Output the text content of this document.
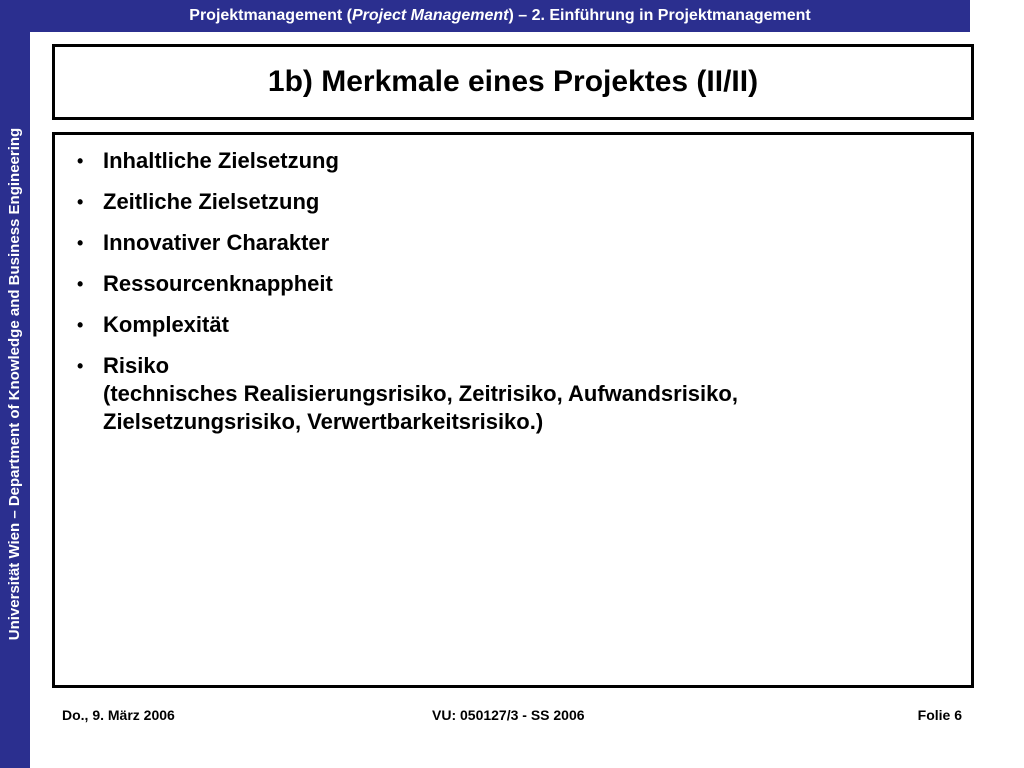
Universität Wien – Department of Knowledge and Business Engineering
Projektmanagement (Project Management) – 2. Einführung in Projektmanagement
1b) Merkmale eines Projektes (II/II)
• Inhaltliche Zielsetzung
• Zeitliche Zielsetzung
• Innovativer Charakter
• Ressourcenknappheit
• Komplexität
• Risiko
(technisches Realisierungsrisiko, Zeitrisiko, Aufwandsrisiko,
Zielsetzungsrisiko, Verwertbarkeitsrisiko.)
Do., 9. März 2006	VU: 050127/3 - SS 2006	Folie 6
